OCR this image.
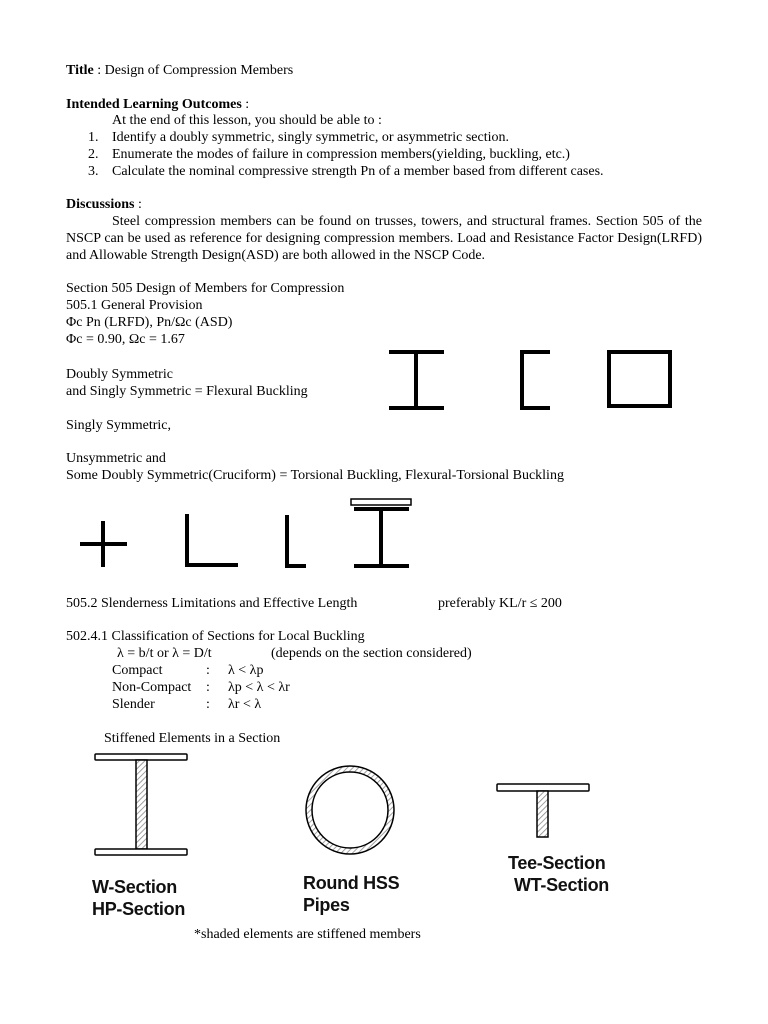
Title : Design of Compression Members
Intended Learning Outcomes :
At the end of this lesson, you should be able to :
1. Identify a doubly symmetric, singly symmetric, or asymmetric section.
2. Enumerate the modes of failure in compression members(yielding, buckling, etc.)
3. Calculate the nominal compressive strength Pn of a member based from different cases.
Discussions :
Steel compression members can be found on trusses, towers, and structural frames. Section 505 of the NSCP can be used as reference for designing compression members. Load and Resistance Factor Design(LRFD) and Allowable Strength Design(ASD) are both allowed in the NSCP Code.
Section 505 Design of Members for Compression
505.1 General Provision
Φc Pn (LRFD), Pn/Ωc (ASD)
Φc = 0.90, Ωc = 1.67
Doubly Symmetric
and Singly Symmetric = Flexural Buckling
Singly Symmetric,
Unsymmetric and
Some Doubly Symmetric(Cruciform) = Torsional Buckling, Flexural-Torsional Buckling
505.2 Slenderness Limitations and Effective Length	preferably KL/r ≤ 200
502.4.1 Classification of Sections for Local Buckling
λ = b/t or λ = D/t	(depends on the section considered)
Compact	: λ < λp
Non-Compact : λp < λ < λr
Slender	: λr < λ
Stiffened Elements in a Section
W-Section
HP-Section
Round HSS
Pipes
Tee-Section
WT-Section
*shaded elements are stiffened members
